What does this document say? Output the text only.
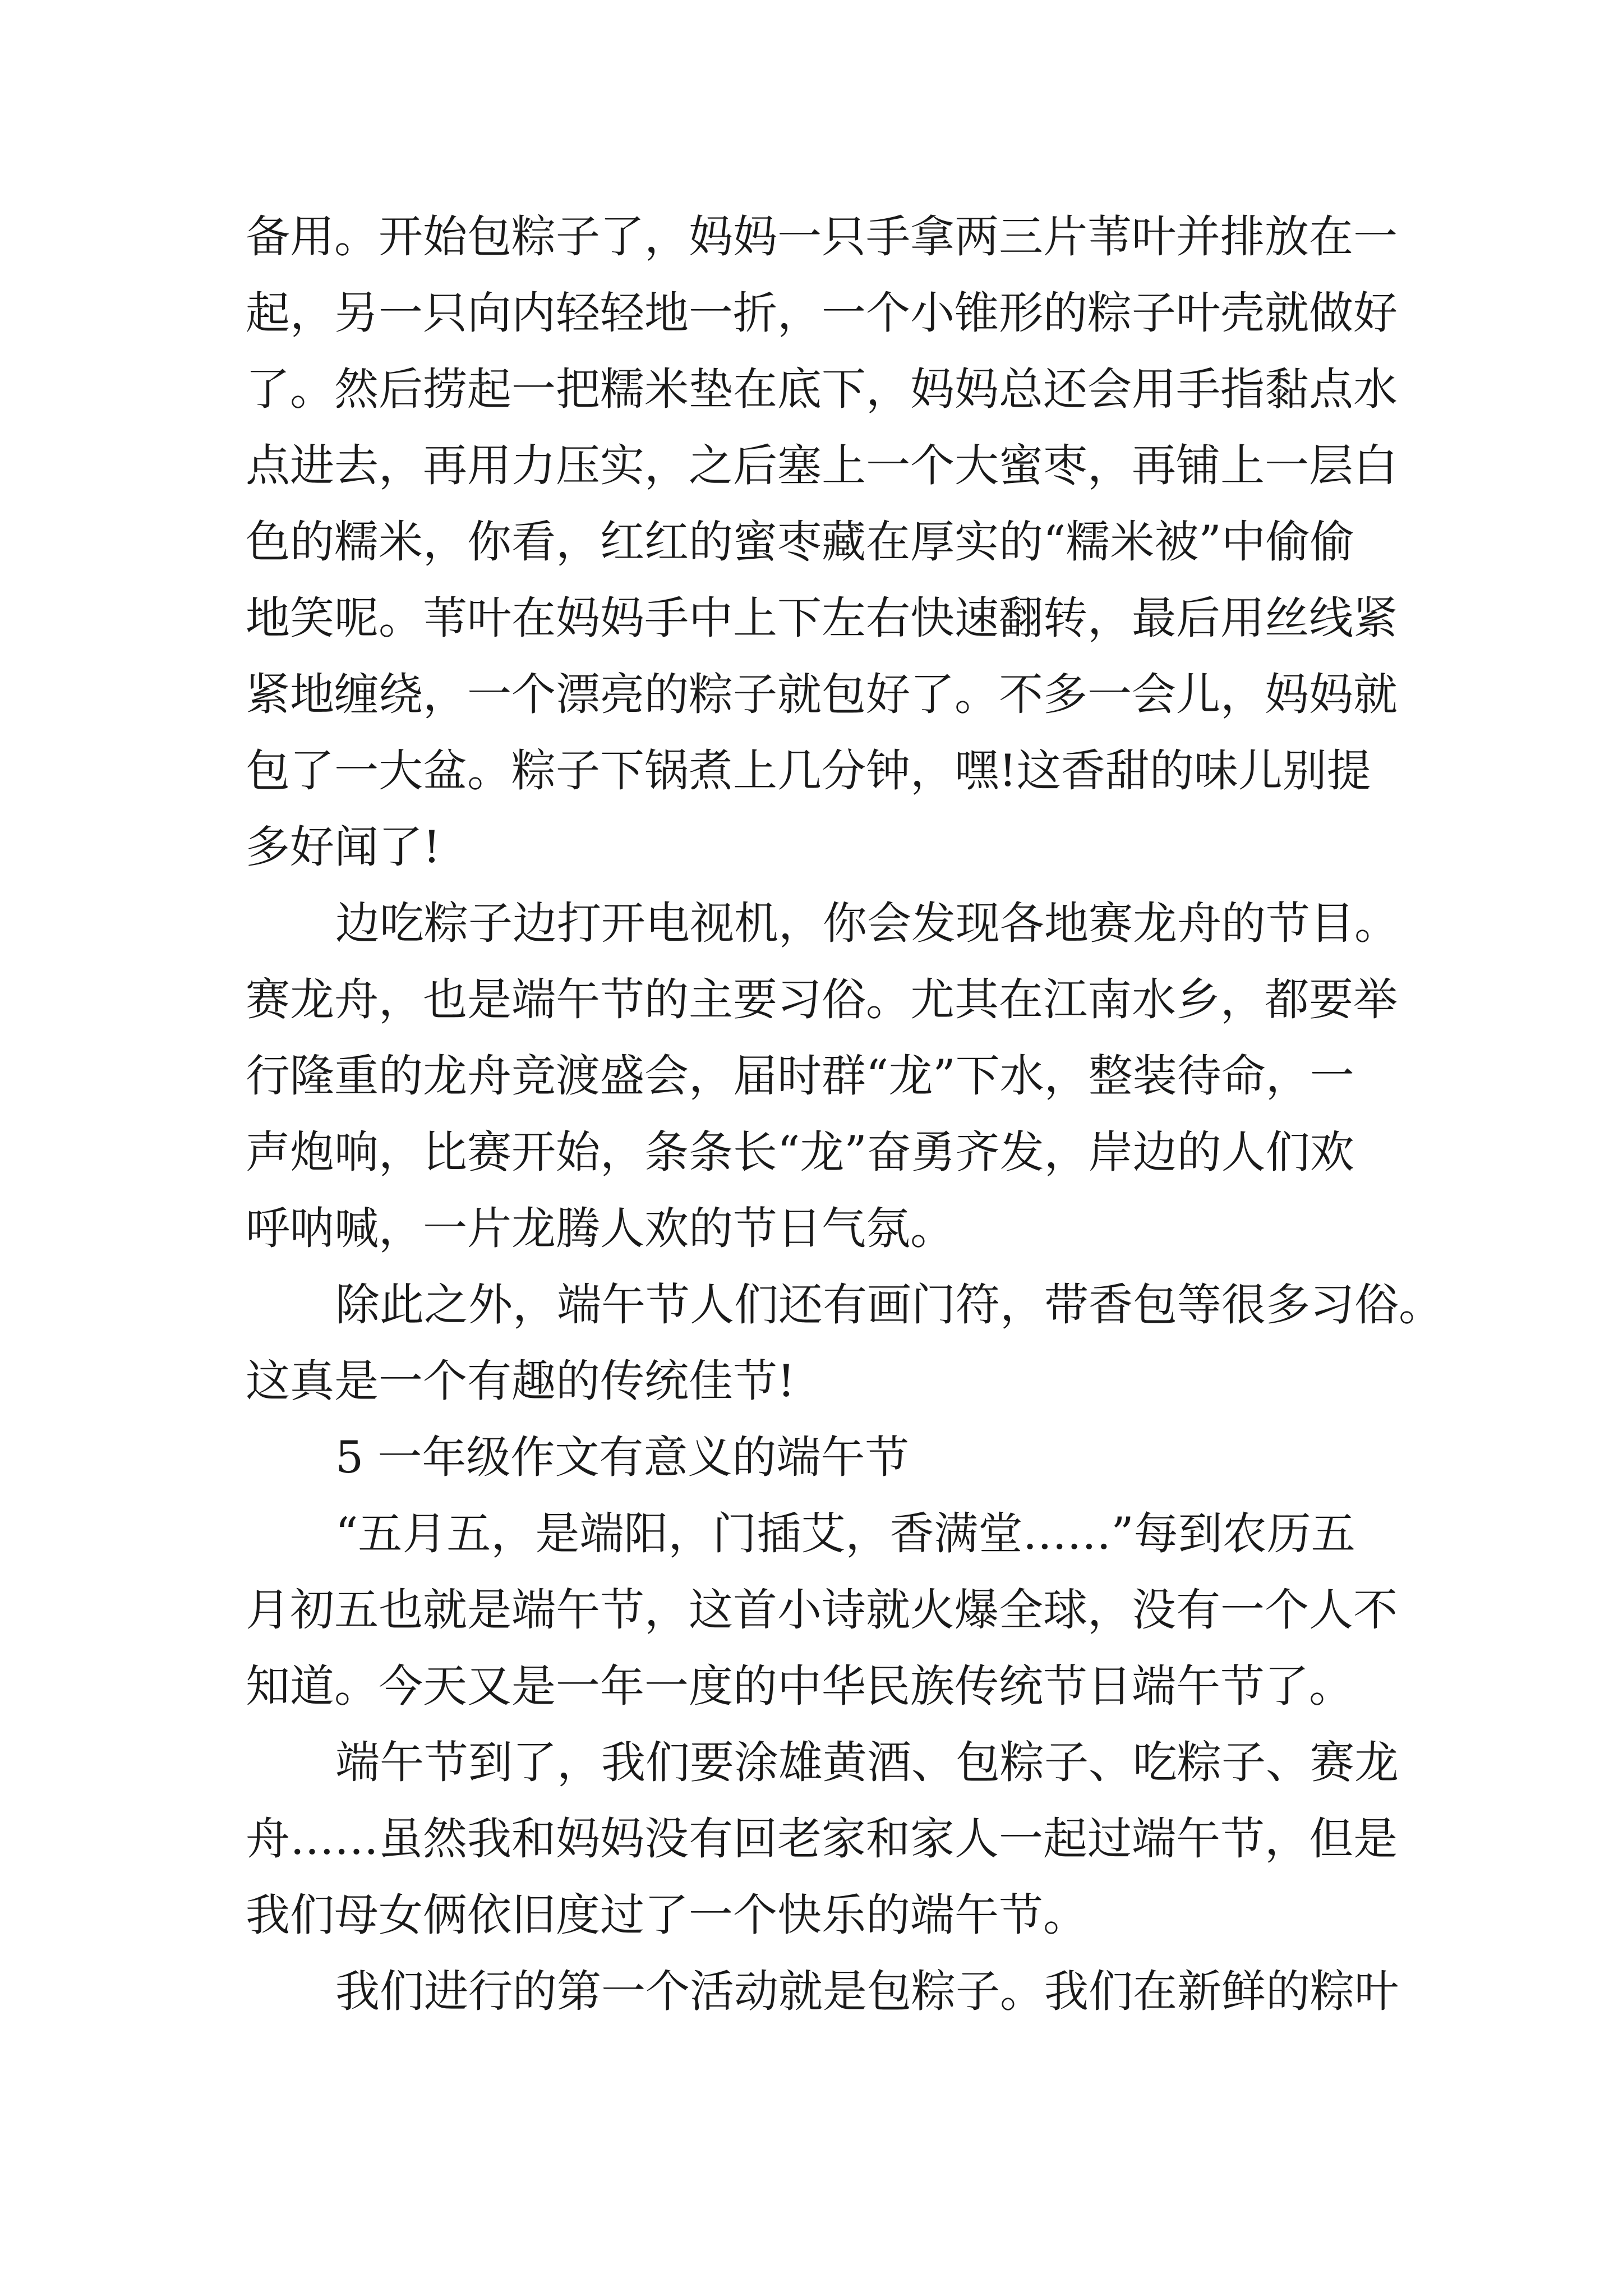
备用。开始包粽子了，妈妈一只手拿两三片苇叶并排放在一
起，另一只向内轻轻地一折，一个小锥形的粽子叶壳就做好
了。然后捞起一把糯米垫在底下，妈妈总还会用手指黏点水
点进去，再用力压实，之后塞上一个大蜜枣，再铺上一层白
色的糯米，你看，红红的蜜枣藏在厚实的“糯米被”中偷偷
地笑呢。苇叶在妈妈手中上下左右快速翻转，最后用丝线紧
紧地缠绕，一个漂亮的粽子就包好了。不多一会儿，妈妈就
包了一大盆。粽子下锅煮上几分钟，嘿!这香甜的味儿别提
多好闻了!
边吃粽子边打开电视机，你会发现各地赛龙舟的节目。
赛龙舟，也是端午节的主要习俗。尤其在江南水乡，都要举
行隆重的龙舟竞渡盛会，届时群“龙”下水，整装待命，一
声炮响，比赛开始，条条长“龙”奋勇齐发，岸边的人们欢
呼呐喊，一片龙腾人欢的节日气氛。
除此之外，端午节人们还有画门符，带香包等很多习俗。
这真是一个有趣的传统佳节!
5 一年级作文有意义的端午节
“五月五，是端阳，门插艾，香满堂……”每到农历五
月初五也就是端午节，这首小诗就火爆全球，没有一个人不
知道。今天又是一年一度的中华民族传统节日端午节了。
端午节到了，我们要涂雄黄酒、包粽子、吃粽子、赛龙
舟……虽然我和妈妈没有回老家和家人一起过端午节，但是
我们母女俩依旧度过了一个快乐的端午节。
我们进行的第一个活动就是包粽子。我们在新鲜的粽叶
